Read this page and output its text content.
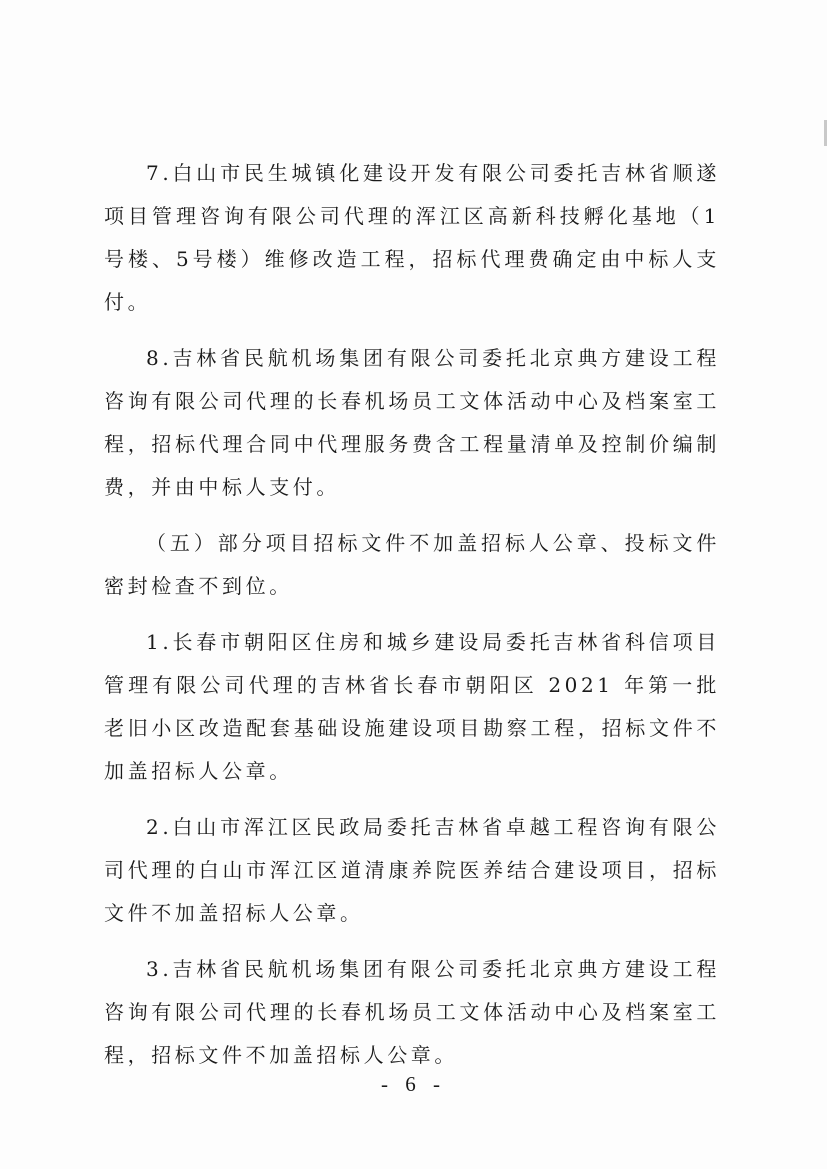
7.白山市民生城镇化建设开发有限公司委托吉林省顺遂项目管理咨询有限公司代理的浑江区高新科技孵化基地（1号楼、5号楼）维修改造工程，招标代理费确定由中标人支付。

8.吉林省民航机场集团有限公司委托北京典方建设工程咨询有限公司代理的长春机场员工文体活动中心及档案室工程，招标代理合同中代理服务费含工程量清单及控制价编制费，并由中标人支付。

（五）部分项目招标文件不加盖招标人公章、投标文件密封检查不到位。

1.长春市朝阳区住房和城乡建设局委托吉林省科信项目管理有限公司代理的吉林省长春市朝阳区 2021 年第一批老旧小区改造配套基础设施建设项目勘察工程，招标文件不加盖招标人公章。

2.白山市浑江区民政局委托吉林省卓越工程咨询有限公司代理的白山市浑江区道清康养院医养结合建设项目，招标文件不加盖招标人公章。

3.吉林省民航机场集团有限公司委托北京典方建设工程咨询有限公司代理的长春机场员工文体活动中心及档案室工程，招标文件不加盖招标人公章。

- 6 -
